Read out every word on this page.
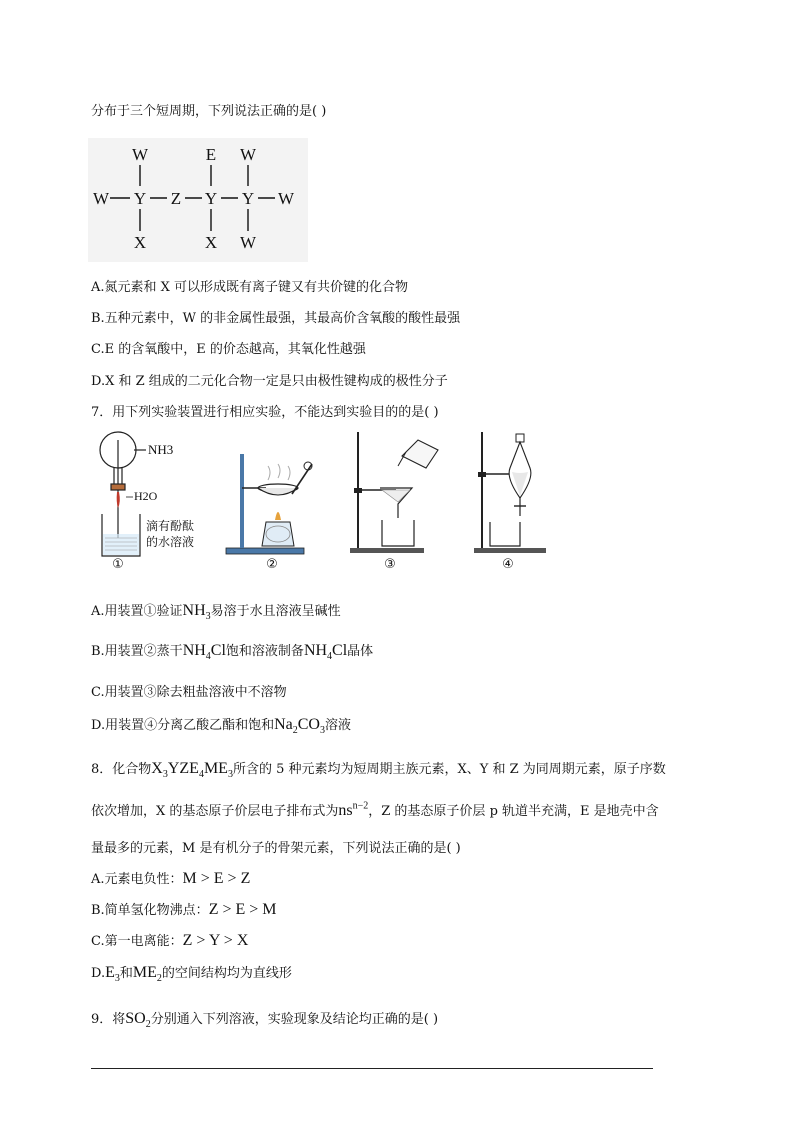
分布于三个短周期，下列说法正确的是( )
W	E W
W Y Z Y Y W
X	X W
A.氮元素和 X 可以形成既有离子键又有共价键的化合物
B.五种元素中，W 的非金属性最强，其最高价含氧酸的酸性最强
C.E 的含氧酸中，E 的价态越高，其氧化性越强
D.X 和 Z 组成的二元化合物一定是只由极性键构成的极性分子
7．用下列实验装置进行相应实验，不能达到实验目的的是( )
NH3
H2O
滴有酚酞
的水溶液
①	②	③	④
A.用装置①验证$NH_3$易溶于水且溶液呈碱性
B.用装置②蒸干$NH_4Cl$饱和溶液制备$NH_4Cl$晶体
C.用装置③除去粗盐溶液中不溶物
D.用装置④分离乙酸乙酯和饱和$Na_2CO_3$溶液
8．化合物$X_3YZE_4ME_3$所含的 5 种元素均为短周期主族元素，X、Y 和 Z 为同周期元素，原子序数
依次增加，X 的基态原子价层电子排布式为$ns^{n-2}$，Z 的基态原子价层 p 轨道半充满，E 是地壳中含
量最多的元素，M 是有机分子的骨架元素，下列说法正确的是( )
A.元素电负性：M > E > Z
B.简单氢化物沸点：Z > E > M
C.第一电离能：Z > Y > X
$D.E_3$和$ME_2$的空间结构均为直线形
9．将$SO_2$分别通入下列溶液，实验现象及结论均正确的是( )
